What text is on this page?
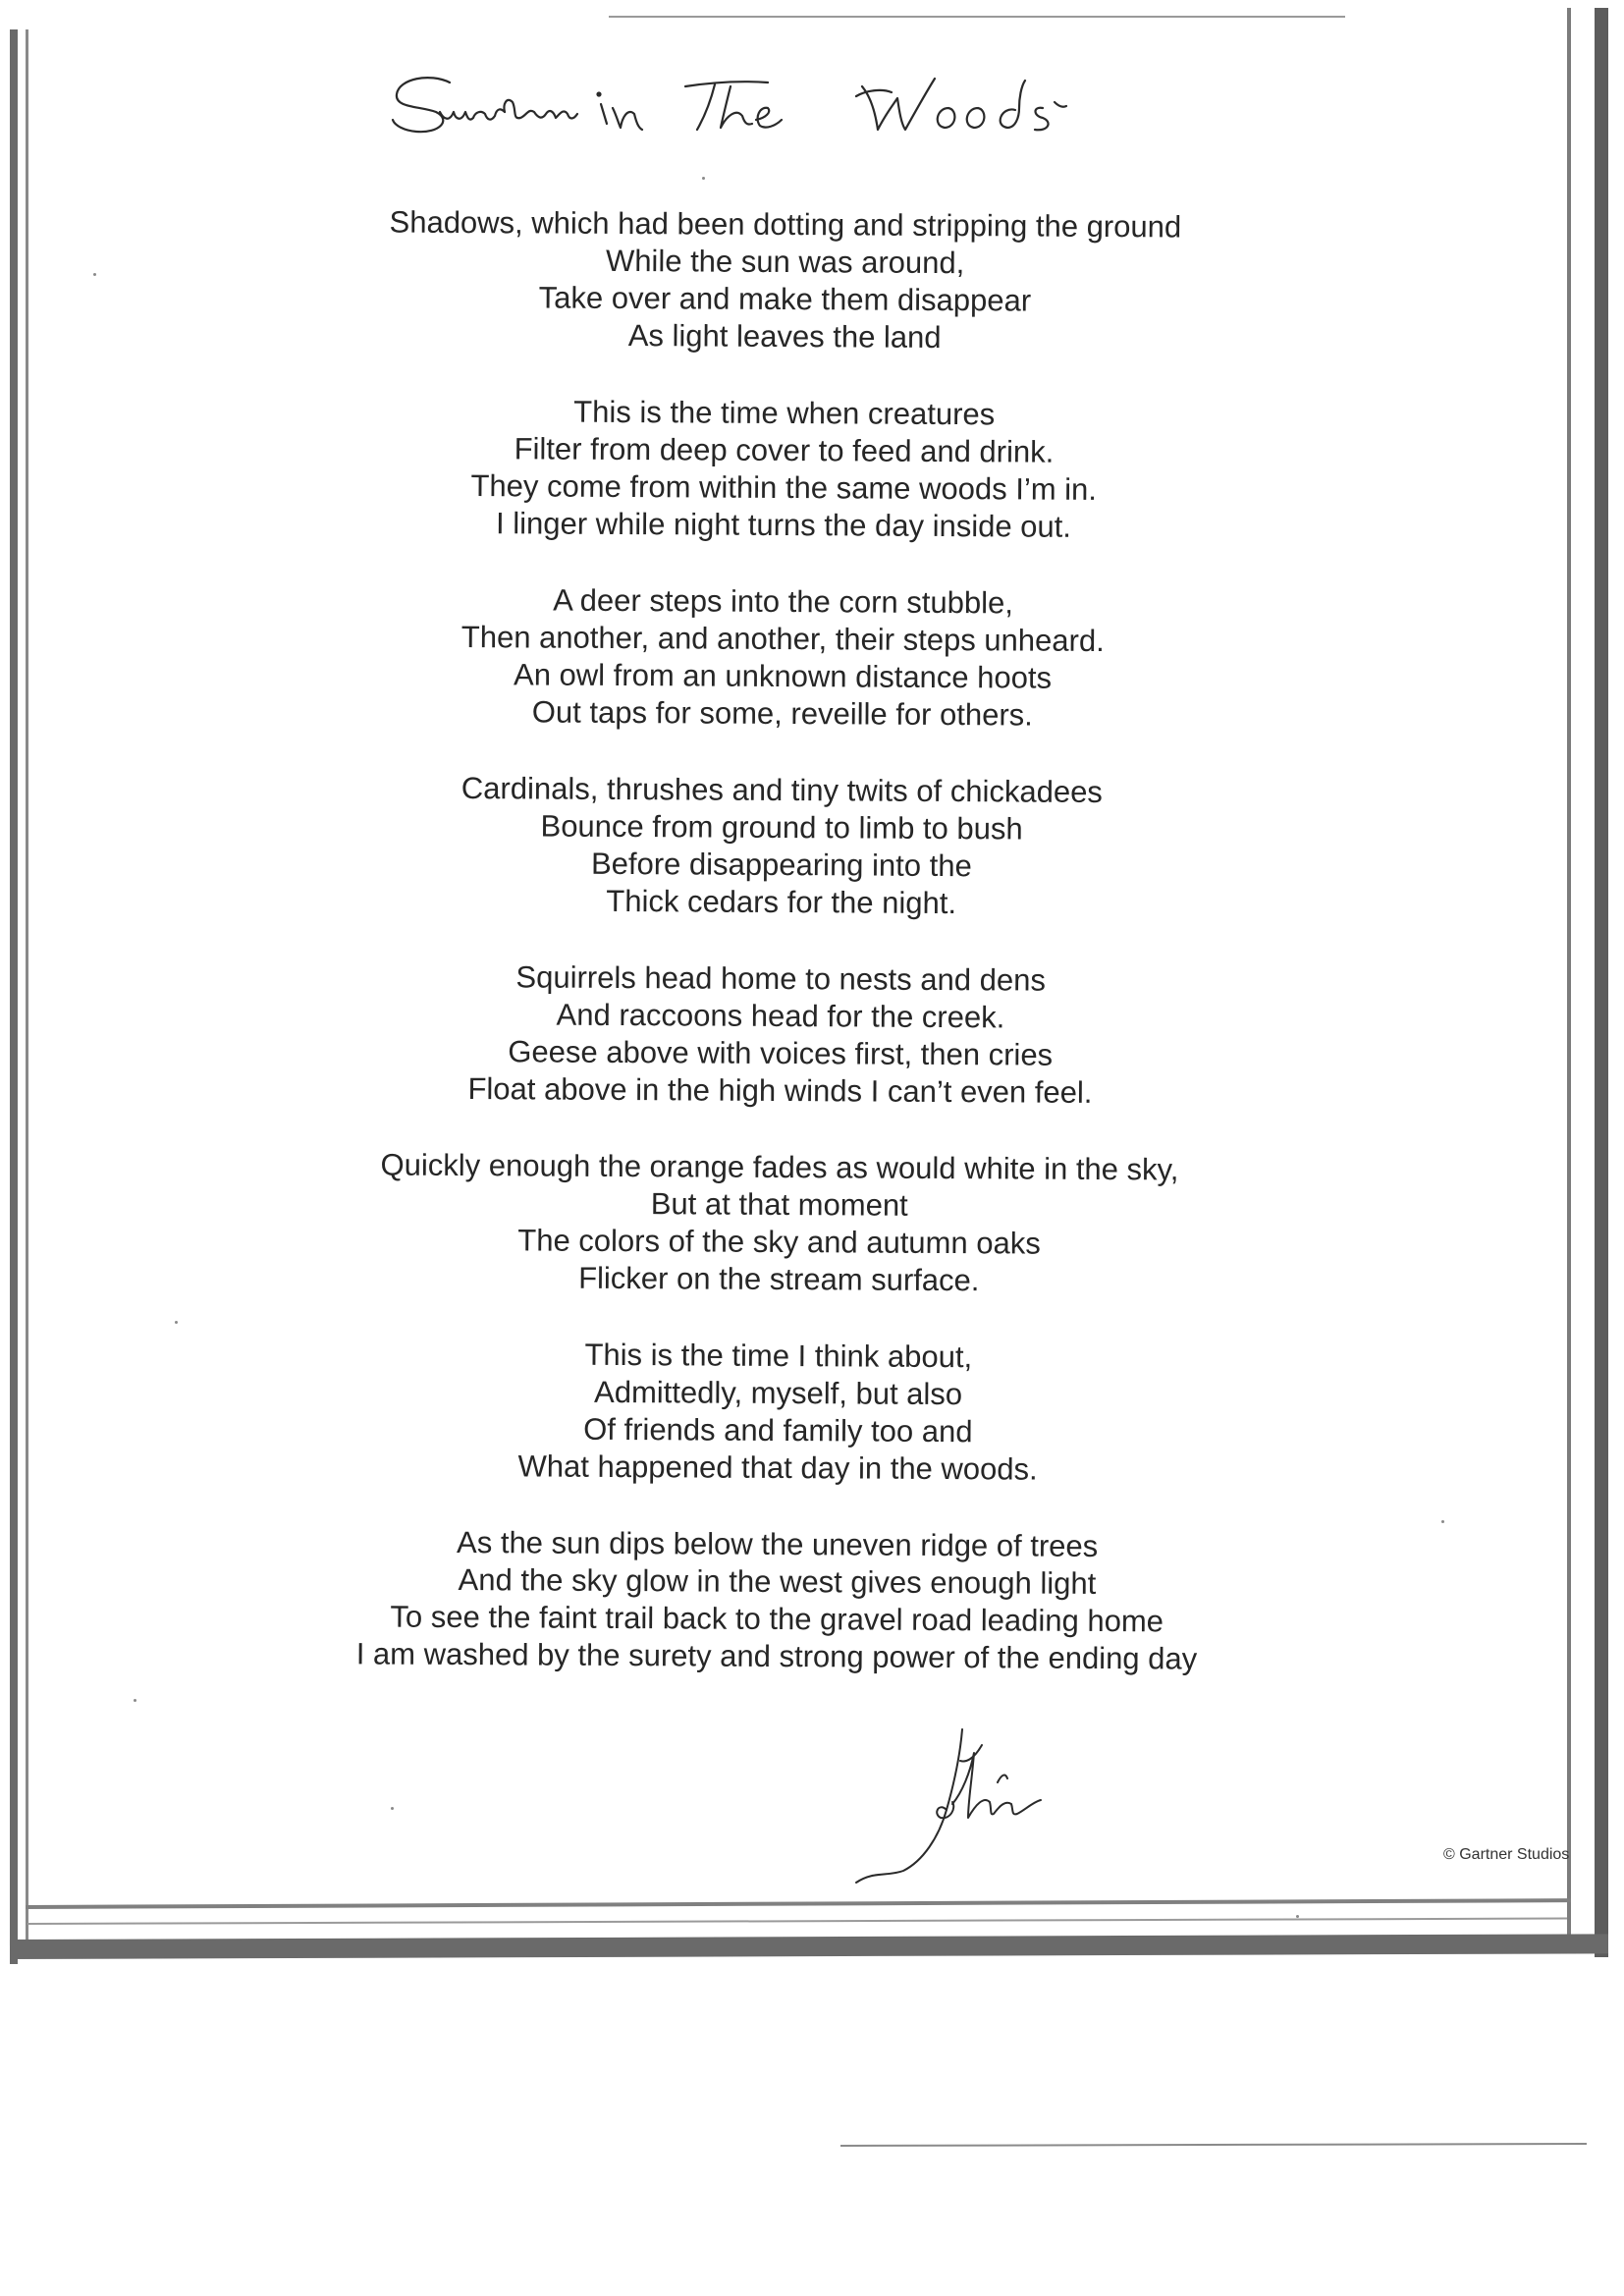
Sundown in The Woods
Shadows, which had been dotting and stripping the ground
While the sun was around,
Take over and make them disappear
As light leaves the land
This is the time when creatures
Filter from deep cover to feed and drink.
They come from within the same woods I’m in.
I linger while night turns the day inside out.
A deer steps into the corn stubble,
Then another, and another, their steps unheard.
An owl from an unknown distance hoots
Out taps for some, reveille for others.
Cardinals, thrushes and tiny twits of chickadees
Bounce from ground to limb to bush
Before disappearing into the
Thick cedars for the night.
Squirrels head home to nests and dens
And raccoons head for the creek.
Geese above with voices first, then cries
Float above in the high winds I can’t even feel.
Quickly enough the orange fades as would white in the sky,
But at that moment
The colors of the sky and autumn oaks
Flicker on the stream surface.
This is the time I think about,
Admittedly, myself, but also
Of friends and family too and
What happened that day in the woods.
As the sun dips below the uneven ridge of trees
And the sky glow in the west gives enough light
To see the faint trail back to the gravel road leading home
I am washed by the surety and strong power of the ending day
John
© Gartner Studios
